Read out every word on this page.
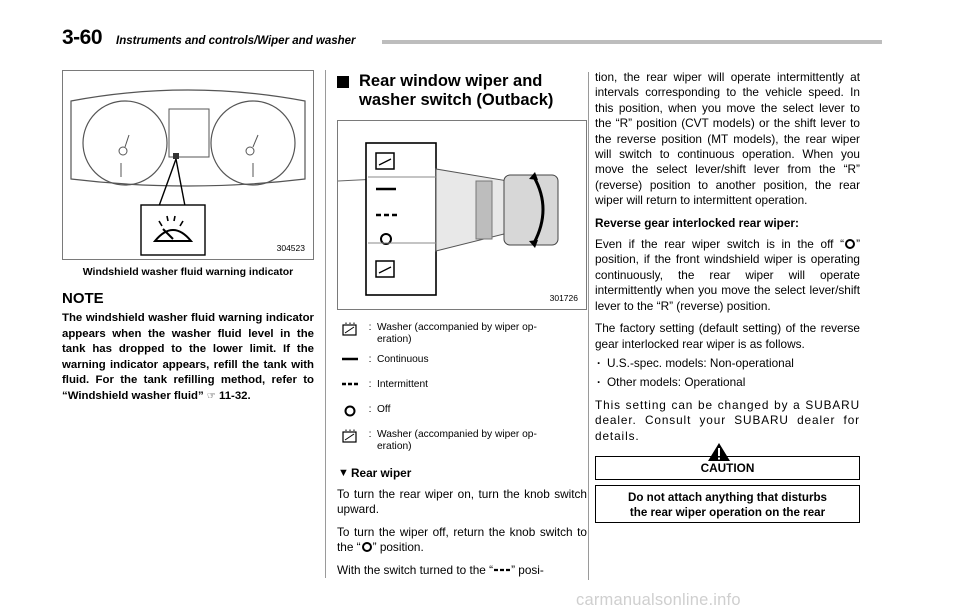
3-60 Instruments and controls/Wiper and washer
304523
Windshield washer fluid warning indicator
NOTE
The windshield washer fluid warning indicator appears when the washer fluid level in the tank has dropped to the lower limit. If the warning indicator appears, refill the tank with fluid. For the tank refilling method, refer to “Windshield washer fluid” ☞ 11-32.
Rear window wiper and
washer switch (Outback)
301726
: Washer (accompanied by wiper op-
eration)
: Continuous
: Intermittent
: Off
: Washer (accompanied by wiper op-
eration)
▼ Rear wiper
To turn the rear wiper on, turn the knob switch upward.
To turn the wiper off, return the knob switch to the “ ” position.
With the switch turned to the “ ” posi-
tion, the rear wiper will operate intermittently at intervals corresponding to the vehicle speed. In this position, when you move the select lever to the “R” position (CVT models) or the shift lever to the reverse position (MT models), the rear wiper will switch to continuous operation. When you move the select lever/shift lever from the “R” (reverse) position to another position, the rear wiper will return to intermittent operation.
Reverse gear interlocked rear wiper:
Even if the rear wiper switch is in the off “ ” position, if the front windshield wiper is operating continuously, the rear wiper will operate intermittently when you move the select lever/shift lever to the “R” (reverse) position.
The factory setting (default setting) of the reverse gear interlocked rear wiper is as follows.
. U.S.-spec. models: Non-operational
. Other models: Operational
This setting can be changed by a SUBARU dealer. Consult your SUBARU dealer for details.
CAUTION
Do not attach anything that disturbs
the rear wiper operation on the rear
carmanualsonline.info
